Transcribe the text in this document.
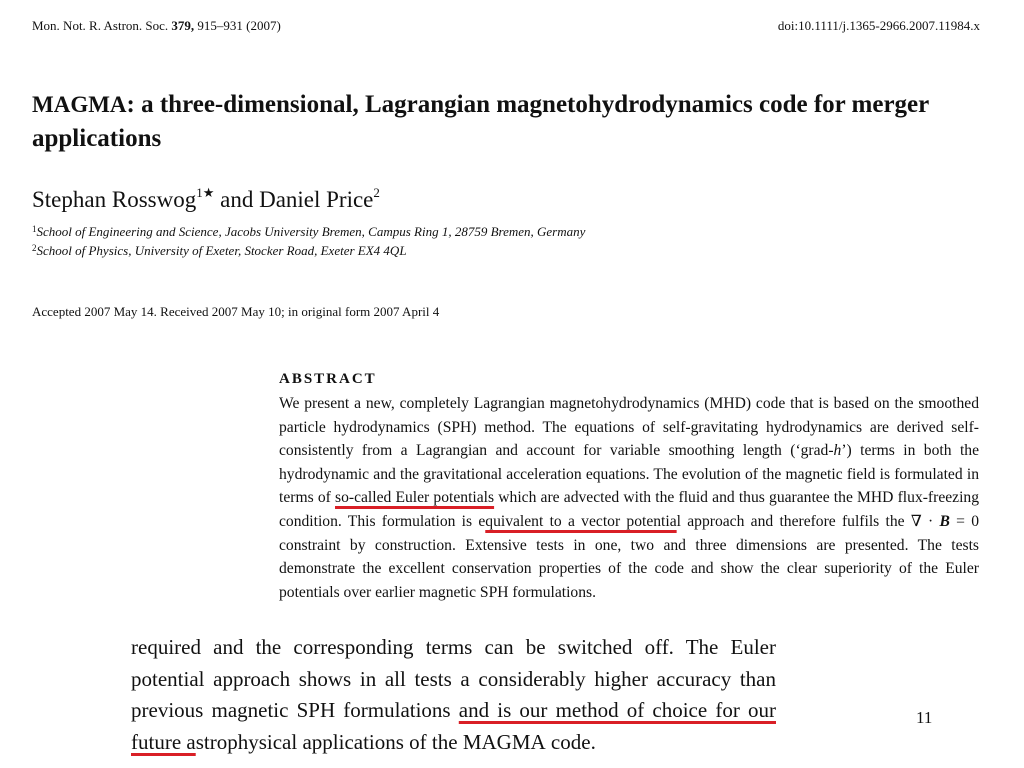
Mon. Not. R. Astron. Soc. 379, 915–931 (2007)	doi:10.1111/j.1365-2966.2007.11984.x
MAGMA: a three-dimensional, Lagrangian magnetohydrodynamics code for merger applications
Stephan Rosswog$^{1★}$ and Daniel Price$^2$
$^1$School of Engineering and Science, Jacobs University Bremen, Campus Ring 1, 28759 Bremen, Germany
$^2$School of Physics, University of Exeter, Stocker Road, Exeter EX4 4QL
Accepted 2007 May 14. Received 2007 May 10; in original form 2007 April 4
ABSTRACT
We present a new, completely Lagrangian magnetohydrodynamics (MHD) code that is based on the smoothed particle hydrodynamics (SPH) method. The equations of self-gravitating hydrodynamics are derived self-consistently from a Lagrangian and account for variable smoothing length (‘grad-h’) terms in both the hydrodynamic and the gravitational acceleration equations. The evolution of the magnetic field is formulated in terms of so-called Euler potentials which are advected with the fluid and thus guarantee the MHD flux-freezing condition. This formulation is equivalent to a vector potential approach and therefore fulfils the ∇ · B = 0 constraint by construction. Extensive tests in one, two and three dimensions are presented. The tests demonstrate the excellent conservation properties of the code and show the clear superiority of the Euler potentials over earlier magnetic SPH formulations.
required and the corresponding terms can be switched off. The Euler potential approach shows in all tests a considerably higher accuracy than previous magnetic SPH formulations and is our method of choice for our future astrophysical applications of the MAGMA code.
11
